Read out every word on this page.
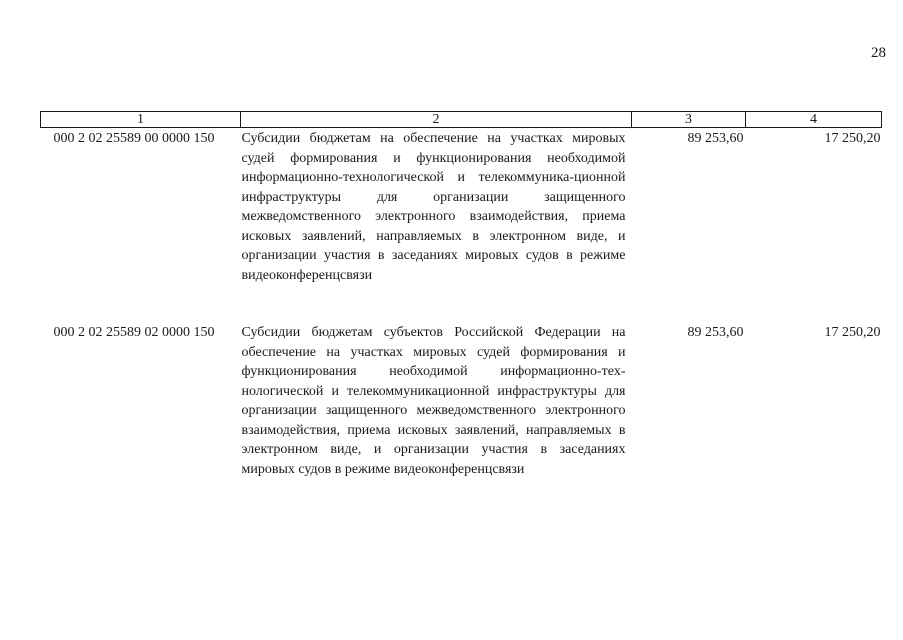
28
1	2	3	4
000 2 02 25589 00 0000 150	Субсидии бюджетам на обеспечение на участках мировых судей формирования и функционирования необходимой информационно-технологической и телекоммуника-ционной инфраструктуры для организации защищенного межведомственного электронного взаимодействия, приема исковых заявлений, направляемых в электронном виде, и организации участия в заседаниях мировых судов в режиме видеоконференцсвязи	89 253,60	17 250,20
000 2 02 25589 02 0000 150	Субсидии бюджетам субъектов Российской Федерации на обеспечение на участках мировых судей формирования и функционирования необходимой информационно-тех-нологической и телекоммуникационной инфраструктуры для организации защищенного межведомственного электронного взаимодействия, приема исковых заявлений, направляемых в электронном виде, и организации участия в заседаниях мировых судов в режиме видеоконференцсвязи	89 253,60	17 250,20
